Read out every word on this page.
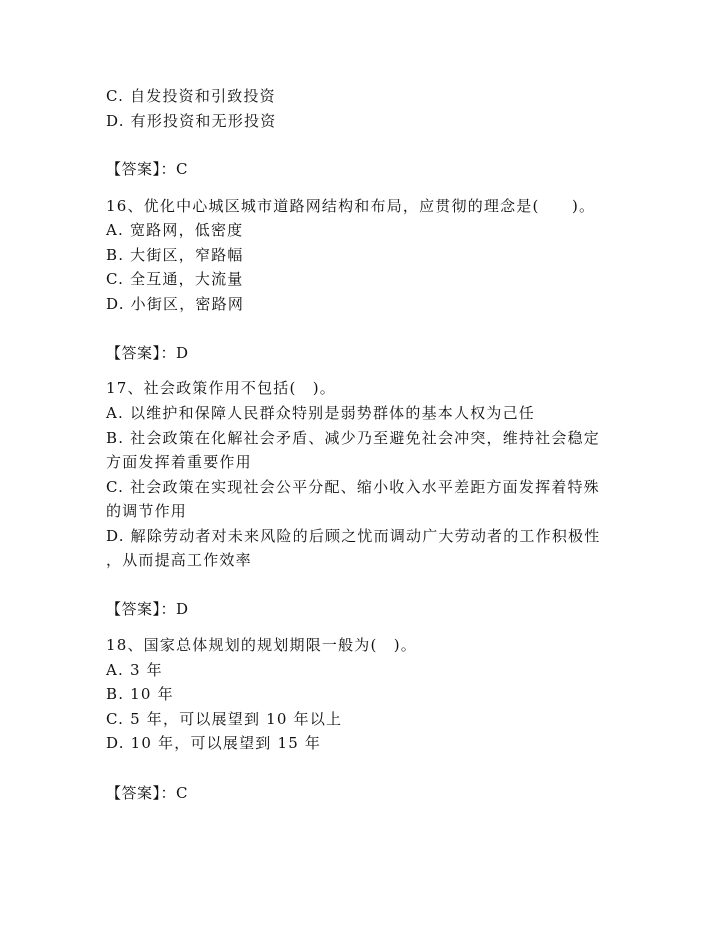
C. 自发投资和引致投资
D. 有形投资和无形投资
【答案】：C
16、优化中心城区城市道路网结构和布局，应贯彻的理念是(　　)。
A. 宽路网，低密度
B. 大街区，窄路幅
C. 全互通，大流量
D. 小街区，密路网
【答案】：D
17、社会政策作用不包括(　)。
A. 以维护和保障人民群众特别是弱势群体的基本人权为己任
B. 社会政策在化解社会矛盾、减少乃至避免社会冲突，维持社会稳定
方面发挥着重要作用
C. 社会政策在实现社会公平分配、缩小收入水平差距方面发挥着特殊
的调节作用
D. 解除劳动者对未来风险的后顾之忧而调动广大劳动者的工作积极性
，从而提高工作效率
【答案】：D
18、国家总体规划的规划期限一般为(　)。
A. 3 年
B. 10 年
C. 5 年，可以展望到 10 年以上
D. 10 年，可以展望到 15 年
【答案】：C
